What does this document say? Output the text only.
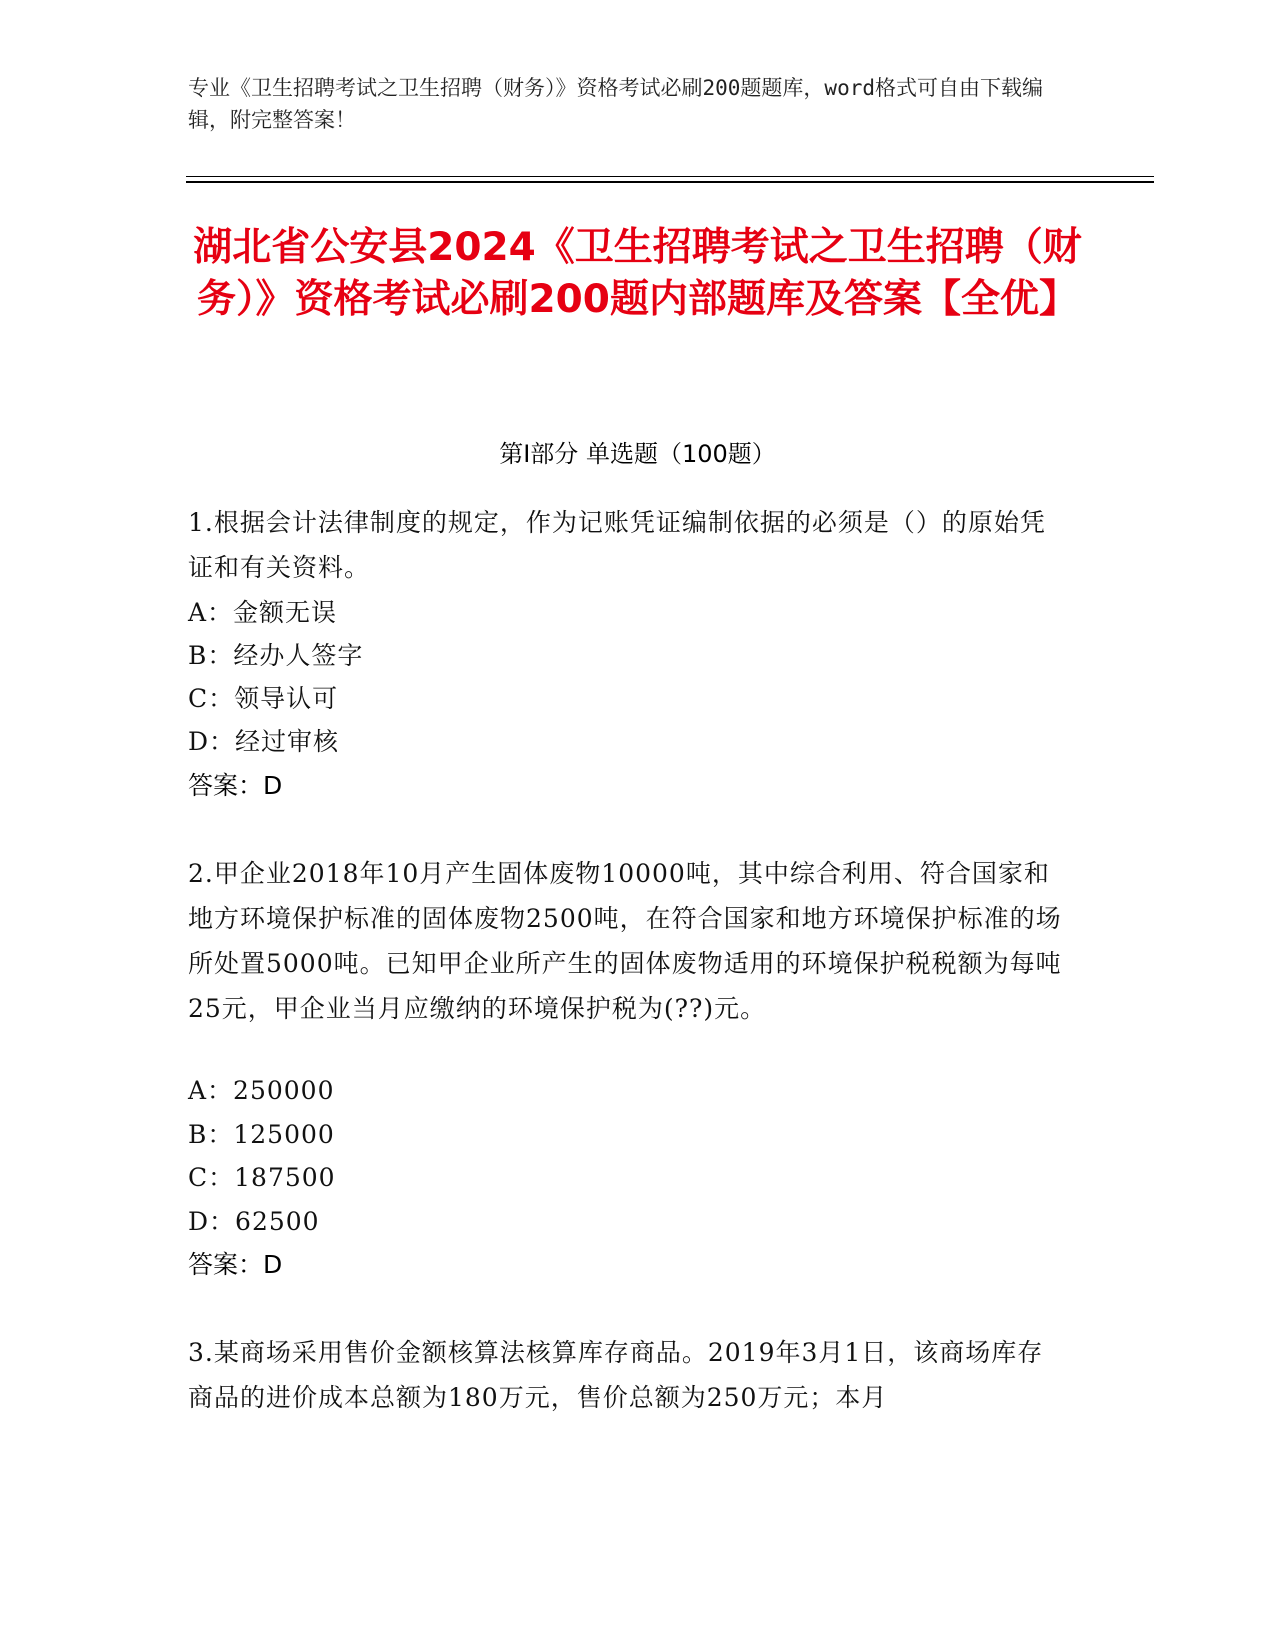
专业《卫生招聘考试之卫生招聘（财务）》资格考试必刷200题题库，word格式可自由下载编辑，附完整答案！
湖北省公安县2024《卫生招聘考试之卫生招聘（财务）》资格考试必刷200题内部题库及答案【全优】
第I部分 单选题（100题）
1.根据会计法律制度的规定，作为记账凭证编制依据的必须是（）的原始凭证和有关资料。
A：金额无误
B：经办人签字
C：领导认可
D：经过审核
答案：D
2.甲企业2018年10月产生固体废物10000吨，其中综合利用、符合国家和地方环境保护标准的固体废物2500吨，在符合国家和地方环境保护标准的场所处置5000吨。已知甲企业所产生的固体废物适用的环境保护税税额为每吨25元，甲企业当月应缴纳的环境保护税为(??)元。
A：250000
B：125000
C：187500
D：62500
答案：D
3.某商场采用售价金额核算法核算库存商品。2019年3月1日，该商场库存商品的进价成本总额为180万元，售价总额为250万元；本月
